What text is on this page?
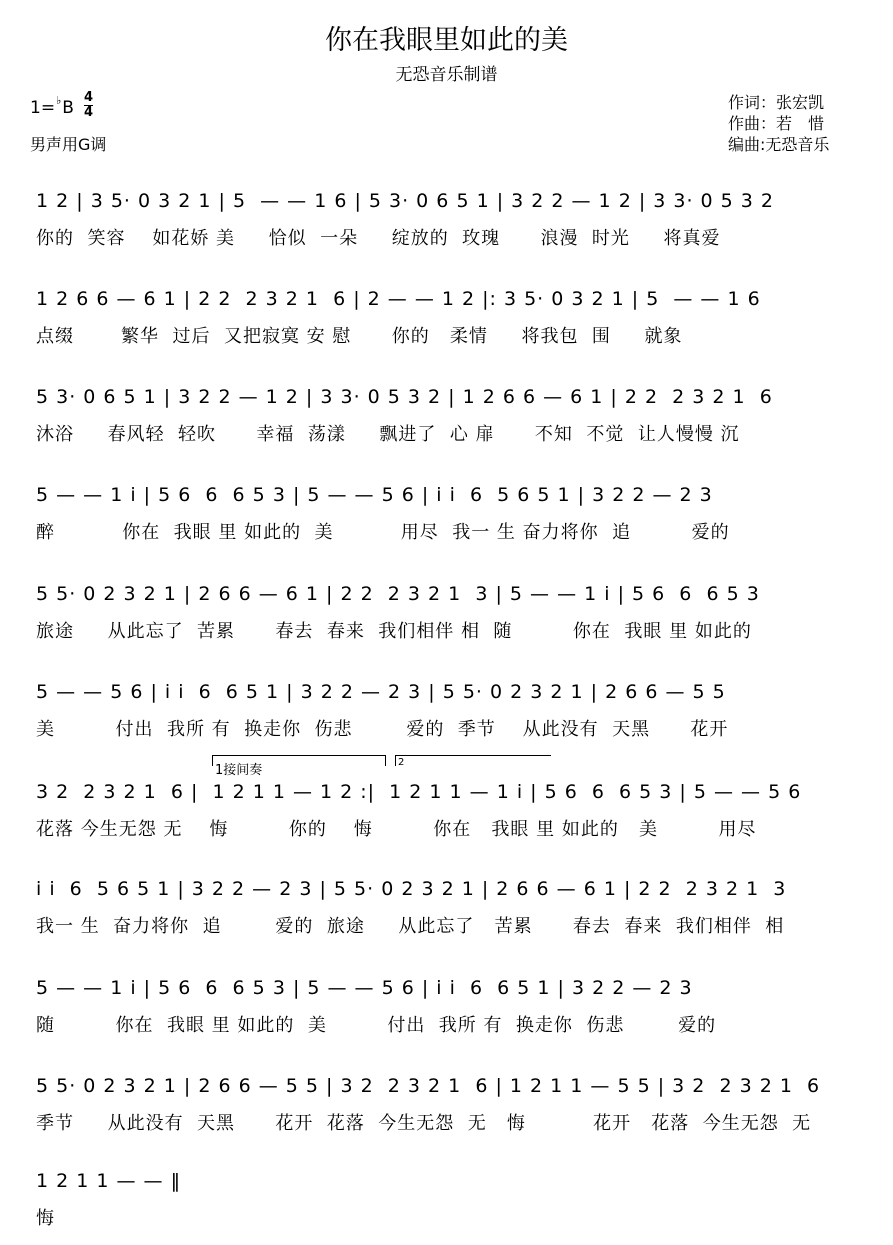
你在我眼里如此的美
无恐音乐制谱
1=♭B
4
4
男声用G调
作词：张宏凯
作曲：若　惜
编曲:无恐音乐
1 2 | 3 5· 0 3 2 1 | 5  — — 1 6 | 5 3· 0 6 5 1 | 3 2 2 — 1 2 | 3 3· 0 5 3 2
你的  笑容    如花娇 美     恰似  一朵     绽放的  玫瑰      浪漫  时光     将真爱
1 2 6 6 — 6 1 | 2 2  2 3 2 1  6 | 2 — — 1 2 |: 3 5· 0 3 2 1 | 5  — — 1 6
点缀       繁华  过后  又把寂寞 安 慰      你的   柔情     将我包  围     就象
5 3· 0 6 5 1 | 3 2 2 — 1 2 | 3 3· 0 5 3 2 | 1 2 6 6 — 6 1 | 2 2  2 3 2 1  6
沐浴     春风轻  轻吹      幸福  荡漾     飘进了  心 扉      不知  不觉  让人慢慢 沉
5 — — 1 i | 5 6  6  6 5 3 | 5 — — 5 6 | i i  6  5 6 5 1 | 3 2 2 — 2 3
醉          你在  我眼 里 如此的  美          用尽  我一 生 奋力将你  追         爱的
5 5· 0 2 3 2 1 | 2 6 6 — 6 1 | 2 2  2 3 2 1  3 | 5 — — 1 i | 5 6  6  6 5 3
旅途     从此忘了  苦累      春去  春来  我们相伴 相  随         你在  我眼 里 如此的
5 — — 5 6 | i i  6  6 5 1 | 3 2 2 — 2 3 | 5 5· 0 2 3 2 1 | 2 6 6 — 5 5
美         付出  我所 有  换走你  伤悲        爱的  季节    从此没有  天黑      花开
3 2  2 3 2 1  6 |  1 2 1 1 — 1 2 :|  1 2 1 1 — 1 i | 5 6  6  6 5 3 | 5 — — 5 6
花落 今生无怨 无    悔         你的    悔         你在   我眼 里 如此的   美         用尽
1接间奏
2
i i  6  5 6 5 1 | 3 2 2 — 2 3 | 5 5· 0 2 3 2 1 | 2 6 6 — 6 1 | 2 2  2 3 2 1  3
我一 生  奋力将你  追        爱的  旅途     从此忘了   苦累      春去  春来  我们相伴  相
5 — — 1 i | 5 6  6  6 5 3 | 5 — — 5 6 | i i  6  6 5 1 | 3 2 2 — 2 3
随         你在  我眼 里 如此的  美         付出  我所 有  换走你  伤悲        爱的
5 5· 0 2 3 2 1 | 2 6 6 — 5 5 | 3 2  2 3 2 1  6 | 1 2 1 1 — 5 5 | 3 2  2 3 2 1  6
季节     从此没有  天黑      花开  花落  今生无怨  无   悔          花开   花落  今生无怨  无
1 2 1 1 — — ‖
悔
